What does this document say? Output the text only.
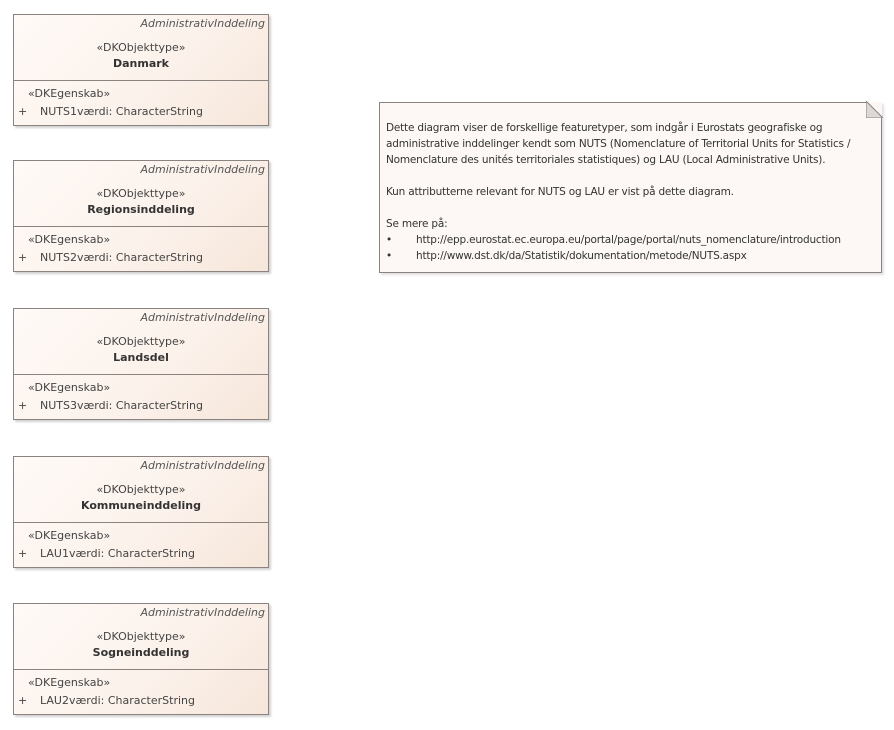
AdministrativInddeling
«DKObjekttype»
Danmark
«DKEgenskab»
+ NUTS1værdi: CharacterString
AdministrativInddeling
«DKObjekttype»
Regionsinddeling
«DKEgenskab»
+ NUTS2værdi: CharacterString
AdministrativInddeling
«DKObjekttype»
Landsdel
«DKEgenskab»
+ NUTS3værdi: CharacterString
AdministrativInddeling
«DKObjekttype»
Kommuneinddeling
«DKEgenskab»
+ LAU1værdi: CharacterString
AdministrativInddeling
«DKObjekttype»
Sogneinddeling
«DKEgenskab»
+ LAU2værdi: CharacterString

Dette diagram viser de forskellige featuretyper, som indgår i Eurostats geografiske og

administrative inddelinger kendt som NUTS (Nomenclature of Territorial Units for Statistics /

Nomenclature des unités territoriales statistiques) og LAU (Local Administrative Units).

Kun attributterne relevant for NUTS og LAU er vist på dette diagram.

Se mere på:

• http://epp.eurostat.ec.europa.eu/portal/page/portal/nuts_nomenclature/introduction
• http://www.dst.dk/da/Statistik/dokumentation/metode/NUTS.aspx
